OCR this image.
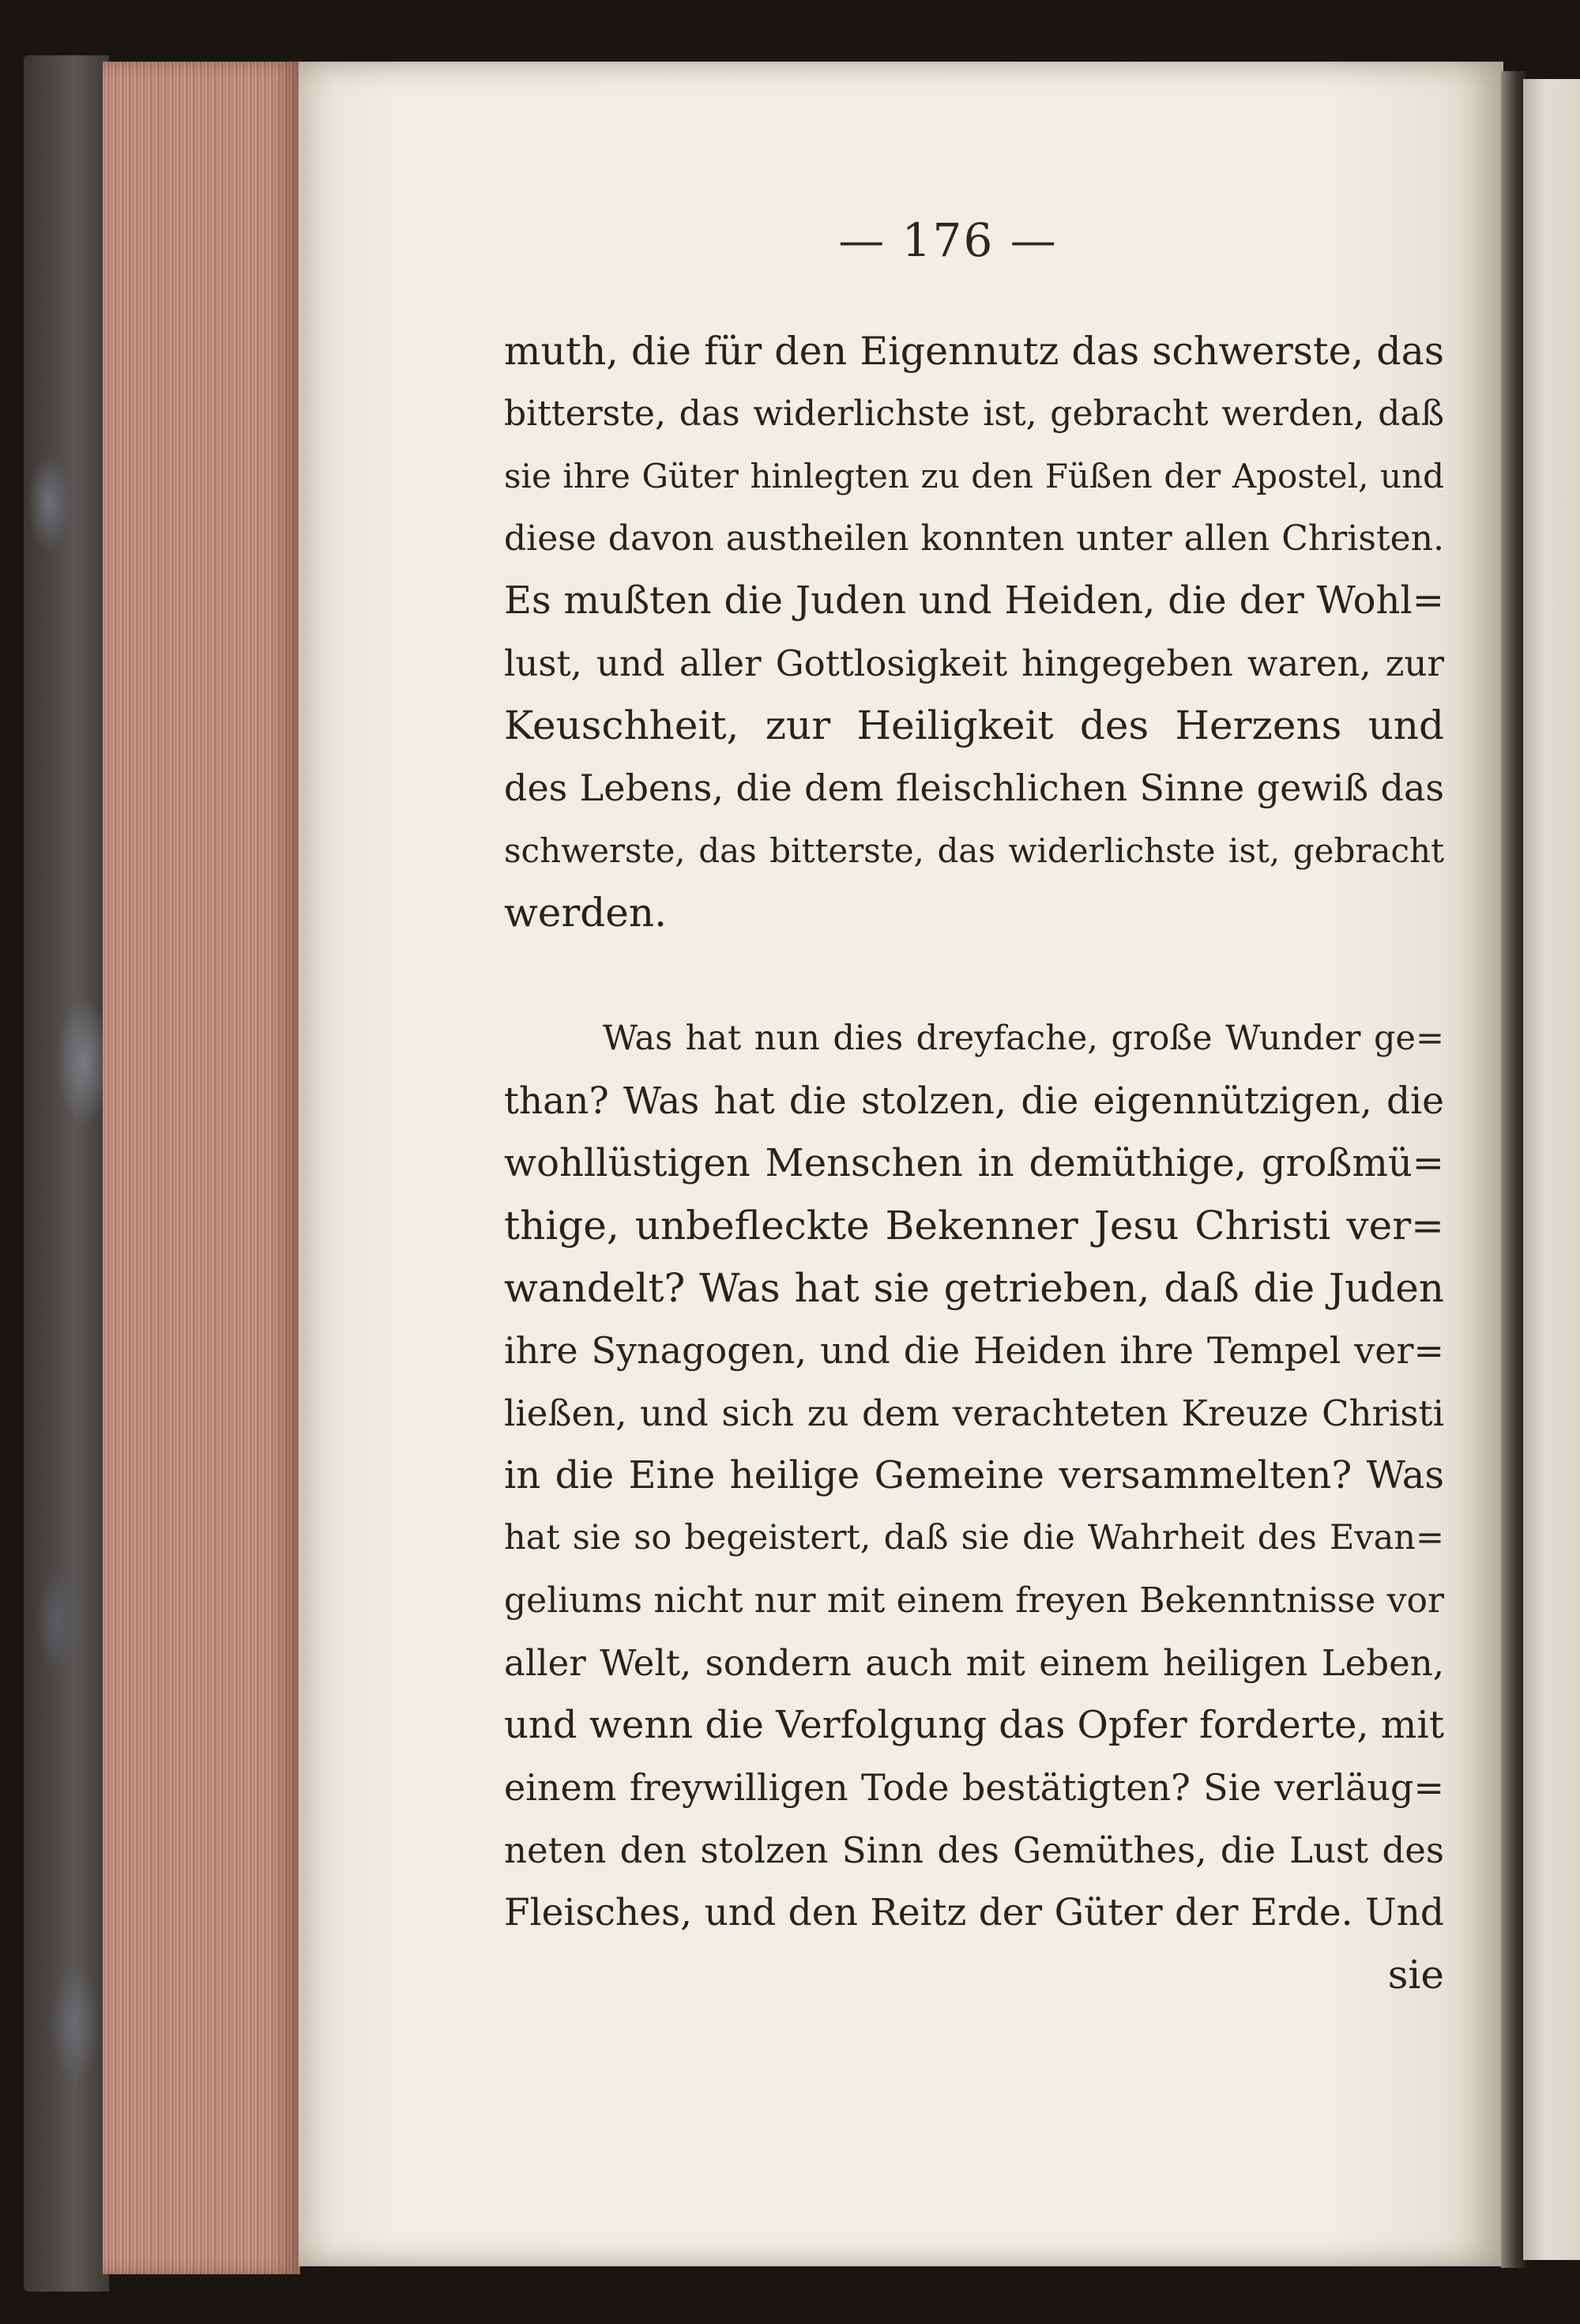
— 176 —
muth, die für den Eigennutz das schwerste, das
bitterste, das widerlichste ist, gebracht werden, daß
sie ihre Güter hinlegten zu den Füßen der Apostel, und
diese davon austheilen konnten unter allen Christen.
Es mußten die Juden und Heiden, die der Wohl=
lust, und aller Gottlosigkeit hingegeben waren, zur
Keuschheit, zur Heiligkeit des Herzens und
des Lebens, die dem fleischlichen Sinne gewiß das
schwerste, das bitterste, das widerlichste ist, gebracht
werden.
Was hat nun dies dreyfache, große Wunder ge=
than? Was hat die stolzen, die eigennützigen, die
wohllüstigen Menschen in demüthige, großmü=
thige, unbefleckte Bekenner Jesu Christi ver=
wandelt? Was hat sie getrieben, daß die Juden
ihre Synagogen, und die Heiden ihre Tempel ver=
ließen, und sich zu dem verachteten Kreuze Christi
in die Eine heilige Gemeine versammelten? Was
hat sie so begeistert, daß sie die Wahrheit des Evan=
geliums nicht nur mit einem freyen Bekenntnisse vor
aller Welt, sondern auch mit einem heiligen Leben,
und wenn die Verfolgung das Opfer forderte, mit
einem freywilligen Tode bestätigten? Sie verläug=
neten den stolzen Sinn des Gemüthes, die Lust des
Fleisches, und den Reitz der Güter der Erde. Und
sie
